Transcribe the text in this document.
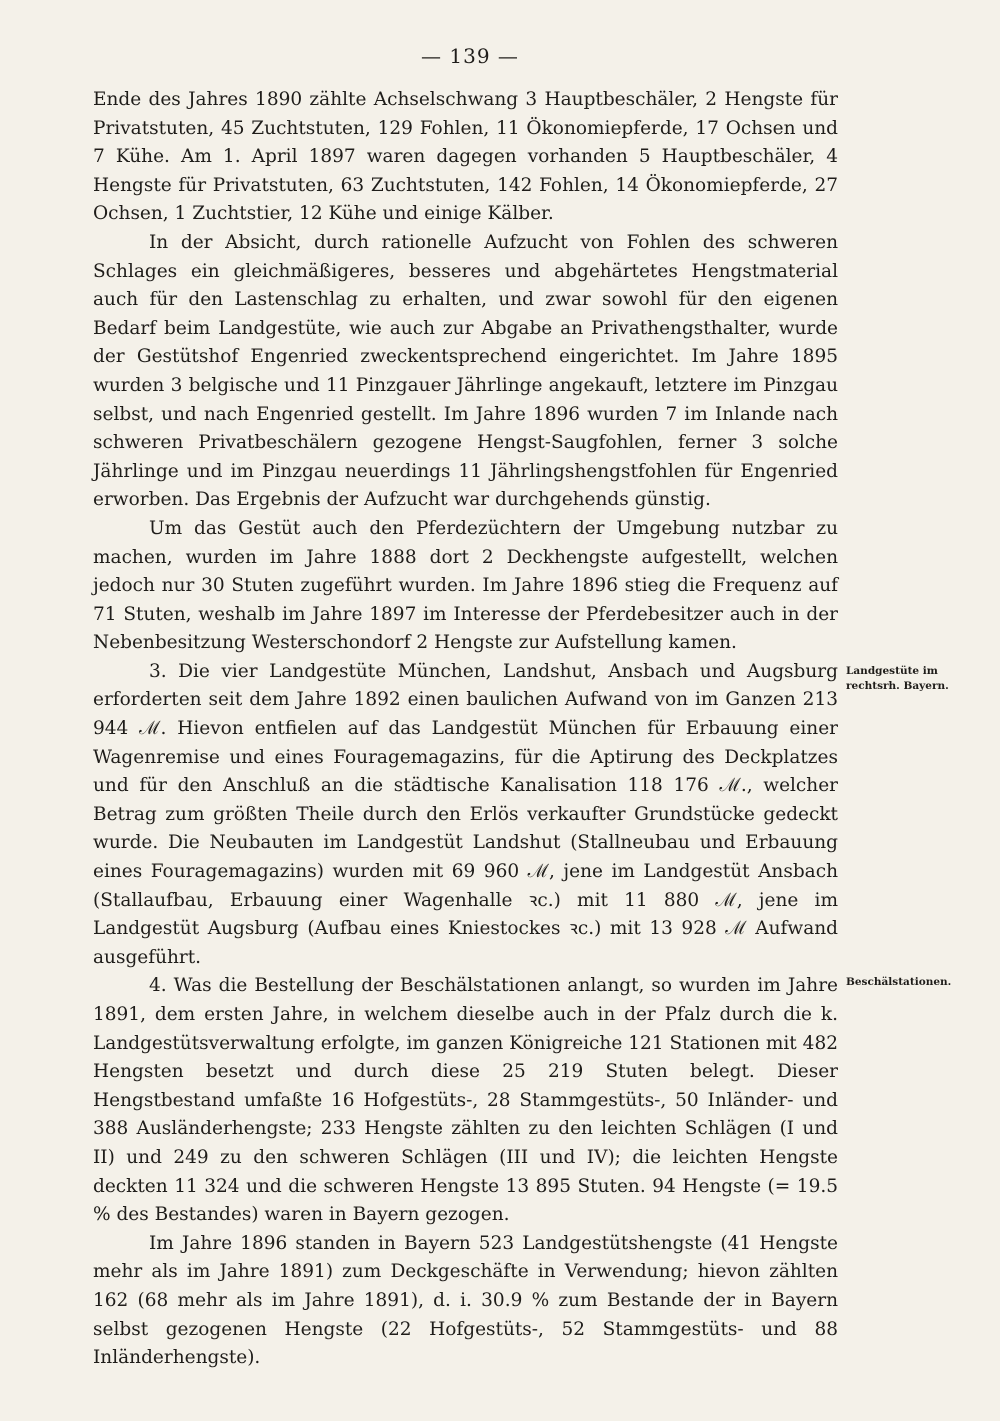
— 139 —

Ende des Jahres 1890 zählte Achselschwang 3 Hauptbeschäler, 2 Hengste für Privatstuten, 45 Zuchtstuten, 129 Fohlen, 11 Ökonomiepferde, 17 Ochsen und 7 Kühe. Am 1. April 1897 waren dagegen vorhanden 5 Hauptbeschäler, 4 Hengste für Privatstuten, 63 Zuchtstuten, 142 Fohlen, 14 Ökonomiepferde, 27 Ochsen, 1 Zuchtstier, 12 Kühe und einige Kälber.

In der Absicht, durch rationelle Aufzucht von Fohlen des schweren Schlages ein gleichmäßigeres, besseres und abgehärtetes Hengstmaterial auch für den Lastenschlag zu erhalten, und zwar sowohl für den eigenen Bedarf beim Landgestüte, wie auch zur Abgabe an Privathengsthalter, wurde der Gestütshof Engenried zweckentsprechend eingerichtet. Im Jahre 1895 wurden 3 belgische und 11 Pinzgauer Jährlinge angekauft, letztere im Pinzgau selbst, und nach Engenried gestellt. Im Jahre 1896 wurden 7 im Inlande nach schweren Privatbeschälern gezogene Hengst-Saugfohlen, ferner 3 solche Jährlinge und im Pinzgau neuerdings 11 Jährlingshengstfohlen für Engenried erworben. Das Ergebnis der Aufzucht war durchgehends günstig.

Um das Gestüt auch den Pferdezüchtern der Umgebung nutzbar zu machen, wurden im Jahre 1888 dort 2 Deckhengste aufgestellt, welchen jedoch nur 30 Stuten zugeführt wurden. Im Jahre 1896 stieg die Frequenz auf 71 Stuten, weshalb im Jahre 1897 im Interesse der Pferdebesitzer auch in der Nebenbesitzung Westerschondorf 2 Hengste zur Aufstellung kamen.

3. Die vier Landgestüte München, Landshut, Ansbach und Augsburg erforderten seit dem Jahre 1892 einen baulichen Aufwand von im Ganzen 213 944 ℳ. Hievon entfielen auf das Landgestüt München für Erbauung einer Wagenremise und eines Fouragemagazins, für die Aptirung des Deckplatzes und für den Anschluß an die städtische Kanalisation 118 176 ℳ., welcher Betrag zum größten Theile durch den Erlös verkaufter Grundstücke gedeckt wurde. Die Neubauten im Landgestüt Landshut (Stallneubau und Erbauung eines Fouragemagazins) wurden mit 69 960 ℳ, jene im Landgestüt Ansbach (Stallaufbau, Erbauung einer Wagenhalle ꝛc.) mit 11 880 ℳ, jene im Landgestüt Augsburg (Aufbau eines Kniestockes ꝛc.) mit 13 928 ℳ Aufwand ausgeführt.

4. Was die Bestellung der Beschälstationen anlangt, so wurden im Jahre 1891, dem ersten Jahre, in welchem dieselbe auch in der Pfalz durch die k. Landgestütsverwaltung erfolgte, im ganzen Königreiche 121 Stationen mit 482 Hengsten besetzt und durch diese 25 219 Stuten belegt. Dieser Hengstbestand umfaßte 16 Hofgestüts-, 28 Stammgestüts-, 50 Inländer- und 388 Ausländerhengste; 233 Hengste zählten zu den leichten Schlägen (I und II) und 249 zu den schweren Schlägen (III und IV); die leichten Hengste deckten 11 324 und die schweren Hengste 13 895 Stuten. 94 Hengste (= 19.5 % des Bestandes) waren in Bayern gezogen.

Im Jahre 1896 standen in Bayern 523 Landgestütshengste (41 Hengste mehr als im Jahre 1891) zum Deckgeschäfte in Verwendung; hievon zählten 162 (68 mehr als im Jahre 1891), d. i. 30.9 % zum Bestande der in Bayern selbst gezogenen Hengste (22 Hofgestüts-, 52 Stammgestüts- und 88 Inländerhengste).

Landgestüte im rechtsrh. Bayern.
Beschälstationen.
